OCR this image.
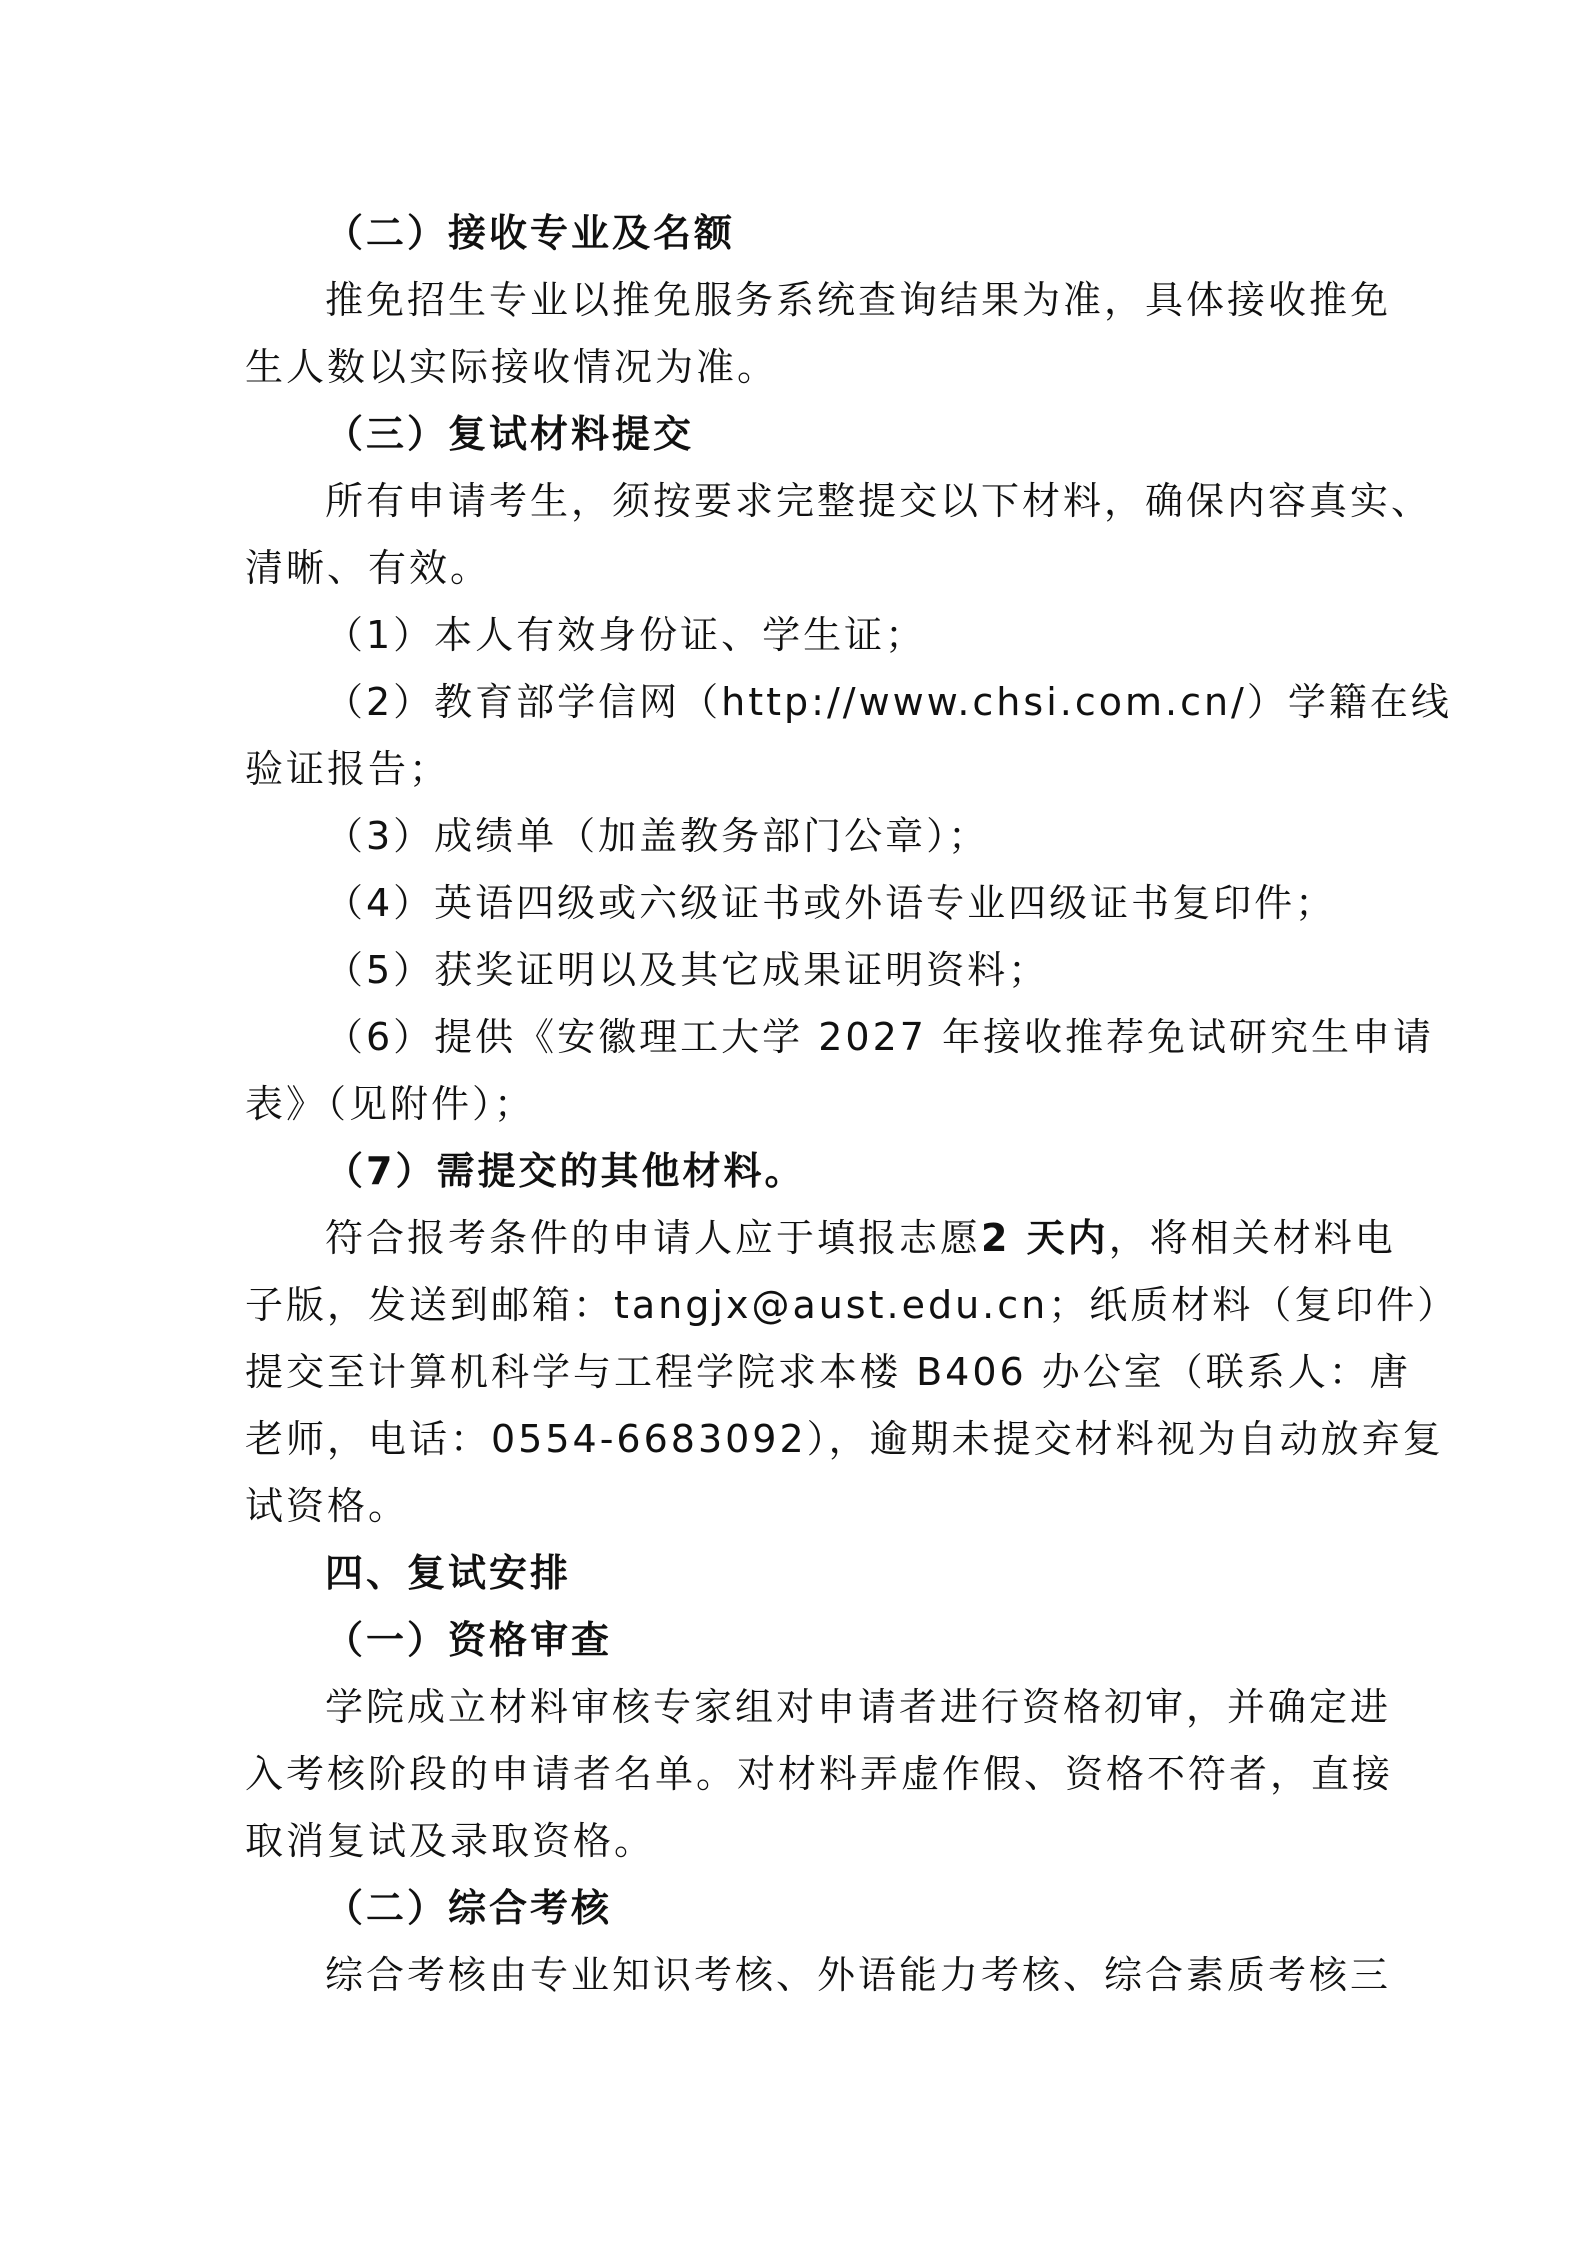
（二）接收专业及名额
推免招生专业以推免服务系统查询结果为准，具体接收推免
生人数以实际接收情况为准。
（三）复试材料提交
所有申请考生，须按要求完整提交以下材料，确保内容真实、
清晰、有效。
（1）本人有效身份证、学生证；
（2）教育部学信网（http://www.chsi.com.cn/）学籍在线
验证报告；
（3）成绩单（加盖教务部门公章）；
（4）英语四级或六级证书或外语专业四级证书复印件；
（5）获奖证明以及其它成果证明资料；
（6）提供《安徽理工大学 2027 年接收推荐免试研究生申请
表》（见附件）；
（7）需提交的其他材料。
符合报考条件的申请人应于填报志愿2 天内，将相关材料电
子版，发送到邮箱：tangjx@aust.edu.cn；纸质材料（复印件）
提交至计算机科学与工程学院求本楼 B406 办公室（联系人：唐
老师，电话：0554-6683092），逾期未提交材料视为自动放弃复
试资格。
四、复试安排
（一）资格审查
学院成立材料审核专家组对申请者进行资格初审，并确定进
入考核阶段的申请者名单。对材料弄虚作假、资格不符者，直接
取消复试及录取资格。
（二）综合考核
综合考核由专业知识考核、外语能力考核、综合素质考核三
